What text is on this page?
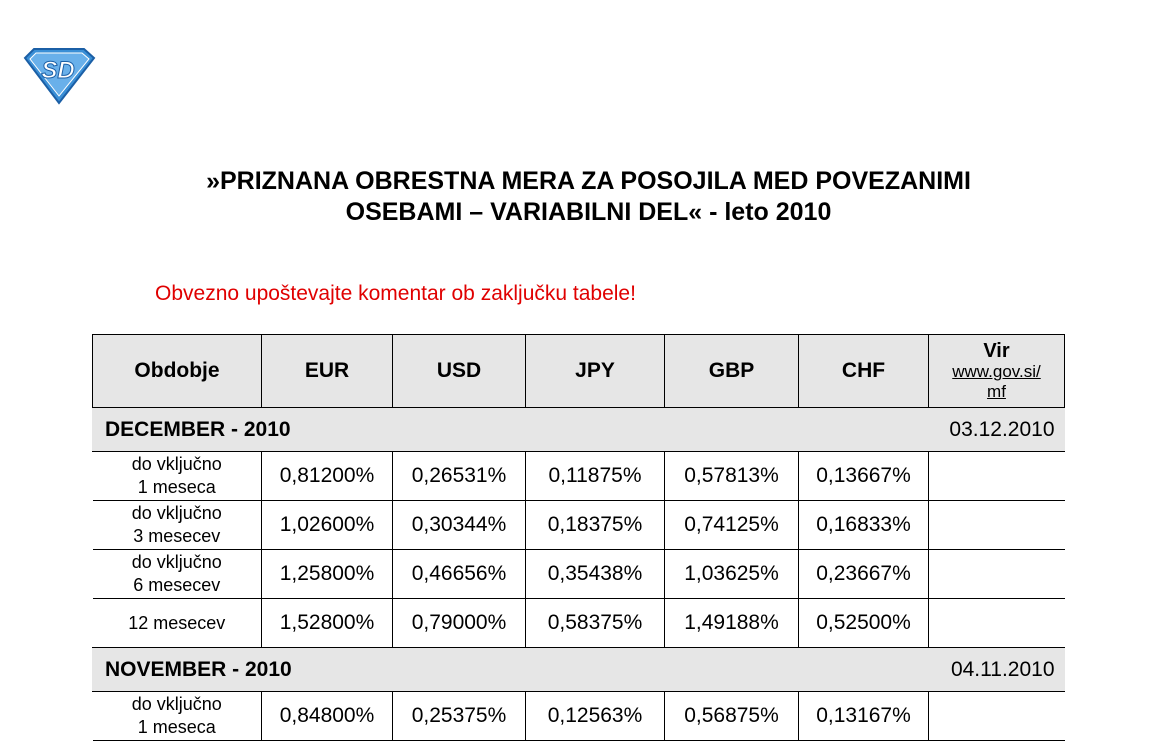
SD
»PRIZNANA OBRESTNA MERA ZA POSOJILA MED POVEZANIMI
OSEBAMI – VARIABILNI DEL« - leto 2010
Obvezno upoštevajte komentar ob zaključku tabele!
Obdobje	EUR	USD	JPY	GBP	CHF	Vir
www.gov.si/
mf

DECEMBER - 2010						03.12.2010
do vključno
1 meseca	0,81200%	0,26531%	0,11875%	0,57813%	0,13667%	
do vključno
3 mesecev	1,02600%	0,30344%	0,18375%	0,74125%	0,16833%	
do vključno
6 mesecev	1,25800%	0,46656%	0,35438%	1,03625%	0,23667%	
12 mesecev	1,52800%	0,79000%	0,58375%	1,49188%	0,52500%	
NOVEMBER - 2010						04.11.2010
do vključno
1 meseca	0,84800%	0,25375%	0,12563%	0,56875%	0,13167%	
